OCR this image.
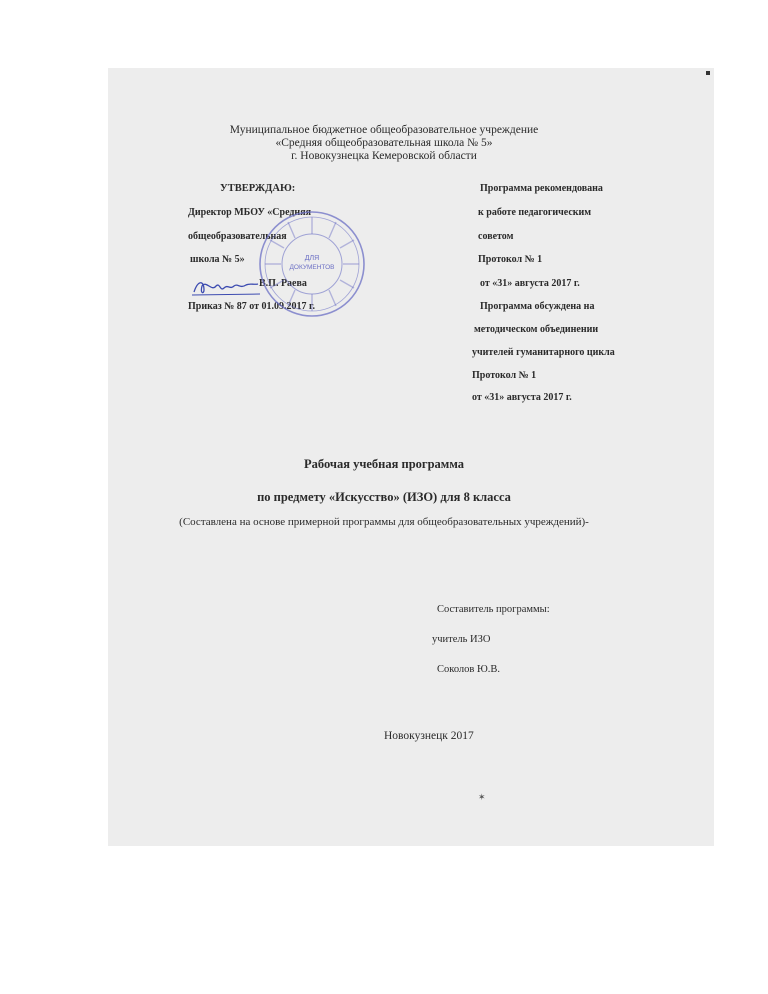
Муниципальное бюджетное общеобразовательное учреждение
«Средняя общеобразовательная школа № 5»
г. Новокузнецка Кемеровской области
УТВЕРЖДАЮ:
Директор МБОУ «Средняя
общеобразовательная
школа № 5»
В.П. Раева
Приказ № 87 от 01.09.2017 г.
ДЛЯ
ДОКУМЕНТОВ
Программа рекомендована
к работе педагогическим
советом
Протокол № 1
от «31» августа 2017 г.
Программа обсуждена на
методическом объединении
учителей гуманитарного цикла
Протокол № 1
от «31» августа 2017 г.
Рабочая учебная программа
по предмету «Искусство» (ИЗО) для 8 класса
(Составлена на основе примерной программы для общеобразовательных учреждений)-
Составитель программы:
учитель ИЗО
Соколов Ю.В.
Новокузнецк 2017
✶
